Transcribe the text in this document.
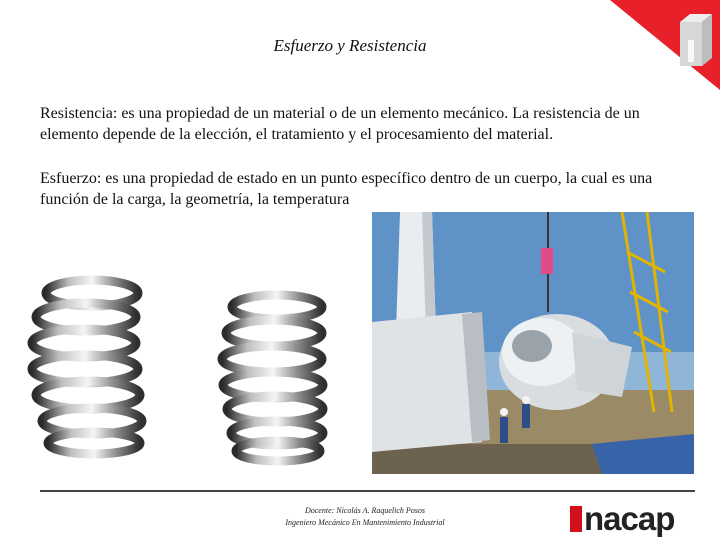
Esfuerzo y Resistencia
Resistencia: es una propiedad de un material o de un elemento mecánico. La resistencia de un elemento depende de la elección, el tratamiento y el procesamiento del material.
Esfuerzo: es una propiedad de estado en un punto específico dentro de un cuerpo, la cual es una función de la carga, la geometría, la temperatura
Docente: Nicolás A. Raquelich Posos
Ingeniero Mecánico En Mantenimiento Industrial	nacap
